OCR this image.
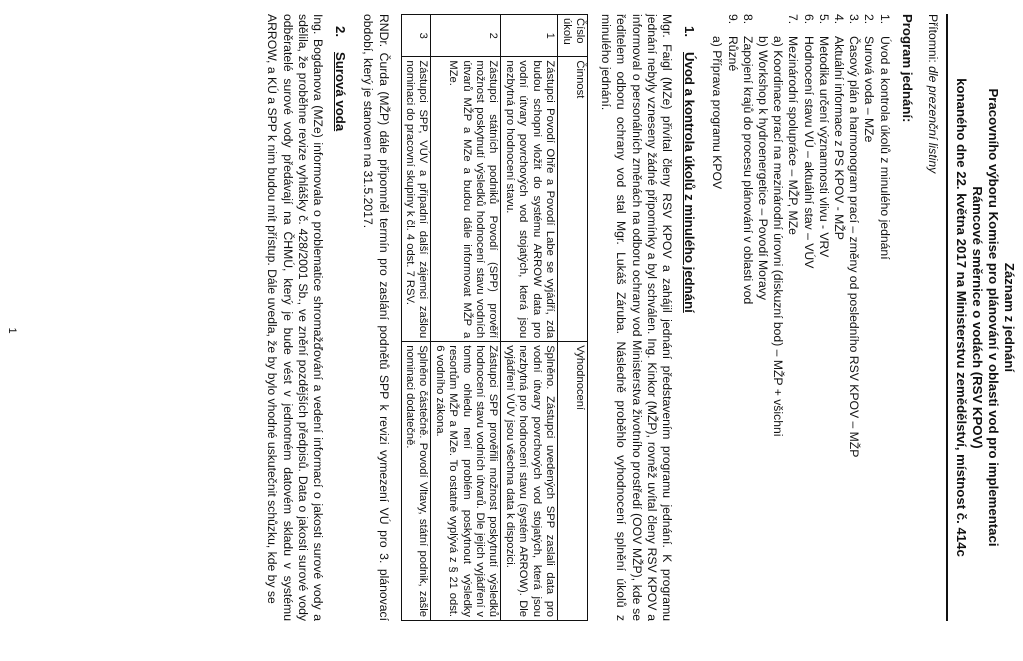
Záznam z jednání
Pracovního výboru Komise pro plánování v oblasti vod pro implementaci
Rámcové směrnice o vodách (RSV KPOV)
konaného dne 22. května 2017 na Ministerstvu zemědělství, místnost č. 414c
Přítomni: dle prezenční listiny
Program jednání:
1.
Úvod a kontrola úkolů z minulého jednání
2.
Surová voda – MZe
3.
Časový plán a harmonogram prací – změny od posledního RSV KPOV – MŽP
4.
Aktuální informace z PS KPOV - MŽP
5.
Metodika určení významnosti vlivu - VRV
6.
Hodnocení stavu VÚ – aktuální stav – VÚV
7.
Mezinárodní spolupráce – MŽP, MZe
a) Koordinace prací na mezinárodní úrovni (diskuzní bod) – MŽP + všichni
b) Workshop k hydroenergetice – Povodí Moravy
8.
Zapojení krajů do procesu plánování v oblasti vod
9.
Různé
a) Příprava programu KPOV
1.
Úvod a kontrola úkolů z minulého jednání

Mgr. Faigl (MZe) přivítal členy RSV KPOV a zahájil jednání představením programu jednání. K programu jednání nebyly vzneseny žádné připomínky a byl schválen. Ing. Kinkor (MŽP), rovněž uvítal členy RSV KPOV a informoval o personálních změnách na odboru ochrany vod Ministerstva životního prostředí (OOV MŽP), kde se ředitelem odboru ochrany vod stal Mgr. Lukáš Záruba. Následně proběhlo vyhodnocení splnění úkolů z minulého jednání.

Číslo úkolu	Činnost	Vyhodnocení
1	Zástupci Povodí Ohře a Povodí Labe se vyjádří, zda budou schopni vložit do systému ARROW data pro vodní útvary povrchových vod stojatých, která jsou nezbytná pro hodnocení stavu.	Splněno. Zástupci uvedených SPP zaslali data pro vodní útvary povrchových vod stojatých, která jsou nezbytná pro hodnocení stavu (systém ARROW). Dle vyjádření VÚV jsou všechna data k dispozici.
2	Zástupci státních podniků Povodí (SPP) prověří možnost poskytnutí výsledků hodnocení stavu vodních útvarů MŽP a MZe a budou dále informovat MŽP a MZe.	Zástupci SPP prověřili možnost poskytnutí výsledků hodnocení stavu vodních útvarů. Dle jejich vyjádření v tomto ohledu není problém poskytnout výsledky resortům MŽP a MZe. To ostatně vyplývá z § 21 odst. 6 vodního zákona.
3	Zástupci SPP, VÚV a případní další zájemci zašlou nominaci do pracovní skupiny k čl. 4 odst. 7 RSV.	Splněno částečně. Povodí Vltavy, státní podnik, zašle nominaci dodatečně.

RNDr. Čurda (MŽP) dále připomněl termín pro zaslání podnětů SPP k revizi vymezení VÚ pro 3. plánovací období, který je stanoven na 31.5.2017.

2.
Surová voda

Ing. Bogdanova (MZe) informovala o problematice shromažďování a vedení informací o jakosti surové vody a sdělila, že proběhne revize vyhlášky č. 428/2001 Sb., ve znění pozdějších předpisů. Data o jakosti surové vody odběratelé surové vody předávají na ČHMÚ, který je bude vést v jednotném datovém skladu v systému ARROW, a KÚ a SPP k nim budou mít přístup. Dále uvedla, že by bylo vhodné uskutečnit schůzku, kde by se

1
